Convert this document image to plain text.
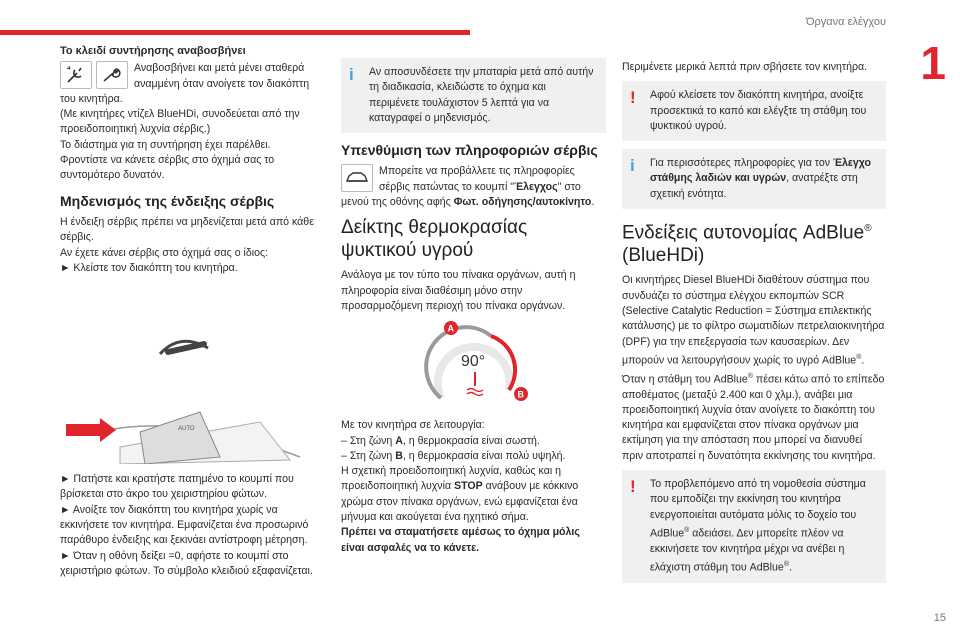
Όργανα ελέγχου
1
15

Το κλειδί συντήρησης αναβοσβήνει

Αναβοσβήνει και μετά μένει σταθερά αναμμένη όταν ανοίγετε τον διακόπτη του κινητήρα.

(Με κινητήρες ντίζελ BlueHDi, συνοδεύεται από την προειδοποιητική λυχνία σέρβις.)

Το διάστημα για τη συντήρηση έχει παρέλθει.

Φροντίστε να κάνετε σέρβις στο όχημά σας το συντομότερο δυνατόν.

Μηδενισμός της ένδειξης σέρβις

Η ένδειξη σέρβις πρέπει να μηδενίζεται μετά από κάθε σέρβις.

Αν έχετε κάνει σέρβις στο όχημά σας ο ίδιος:

► Κλείστε τον διακόπτη του κινητήρα.

AUTO

► Πατήστε και κρατήστε πατημένο το κουμπί που βρίσκεται στο άκρο του χειριστηρίου φώτων.

► Ανοίξτε τον διακόπτη του κινητήρα χωρίς να εκκινήσετε τον κινητήρα. Εμφανίζεται ένα προσωρινό παράθυρο ένδειξης και ξεκινάει αντίστροφη μέτρηση.

► Όταν η οθόνη δείξει =0, αφήστε το κουμπί στο χειριστήριο φώτων. Το σύμβολο κλειδιού εξαφανίζεται.

i Αν αποσυνδέσετε την μπαταρία μετά από αυτήν τη διαδικασία, κλειδώστε το όχημα και περιμένετε τουλάχιστον 5 λεπτά για να καταγραφεί ο μηδενισμός.

Υπενθύμιση των πληροφοριών σέρβις

Μπορείτε να προβάλλετε τις πληροφορίες σέρβις πατώντας το κουμπί "Έλεγχος" στο μενού της οθόνης αφής Φωτ. οδήγησης/αυτοκίνητο.

Δείκτης θερμοκρασίας ψυκτικού υγρού

Ανάλογα με τον τύπο του πίνακα οργάνων, αυτή η πληροφορία είναι διαθέσιμη μόνο στην προσαρμοζόμενη περιοχή του πίνακα οργάνων.

90°
A
B

Με τον κινητήρα σε λειτουργία:

– Στη ζώνη A, η θερμοκρασία είναι σωστή.

– Στη ζώνη B, η θερμοκρασία είναι πολύ υψηλή.

Η σχετική προειδοποιητική λυχνία, καθώς και η προειδοποιητική λυχνία STOP ανάβουν με κόκκινο χρώμα στον πίνακα οργάνων, ενώ εμφανίζεται ένα μήνυμα και ακούγεται ένα ηχητικό σήμα.

Πρέπει να σταματήσετε αμέσως το όχημα μόλις είναι ασφαλές να το κάνετε.

Περιμένετε μερικά λεπτά πριν σβήσετε τον κινητήρα.

! Αφού κλείσετε τον διακόπτη κινητήρα, ανοίξτε προσεκτικά το καπό και ελέγξτε τη στάθμη του ψυκτικού υγρού.
i Για περισσότερες πληροφορίες για τον Έλεγχο στάθμης λαδιών και υγρών, ανατρέξτε στη σχετική ενότητα.

Ενδείξεις αυτονομίας AdBlue®
(BlueHDi)

Οι κινητήρες Diesel BlueHDi διαθέτουν σύστημα που συνδυάζει το σύστημα ελέγχου εκπομπών SCR (Selective Catalytic Reduction = Σύστημα επιλεκτικής κατάλυσης) με το φίλτρο σωματιδίων πετρελαιοκινητήρα (DPF) για την επεξεργασία των καυσαερίων. Δεν μπορούν να λειτουργήσουν χωρίς το υγρό AdBlue®.

Όταν η στάθμη του AdBlue® πέσει κάτω από το επίπεδο αποθέματος (μεταξύ 2.400 και 0 χλμ.), ανάβει μια προειδοποιητική λυχνία όταν ανοίγετε το διακόπτη του κινητήρα και εμφανίζεται στον πίνακα οργάνων μια εκτίμηση για την απόσταση που μπορεί να διανυθεί πριν αποτραπεί η δυνατότητα εκκίνησης του κινητήρα.

! Το προβλεπόμενο από τη νομοθεσία σύστημα που εμποδίζει την εκκίνηση του κινητήρα ενεργοποιείται αυτόματα μόλις το δοχείο του AdBlue® αδειάσει. Δεν μπορείτε πλέον να εκκινήσετε τον κινητήρα μέχρι να ανέβει η ελάχιστη στάθμη του AdBlue®.
